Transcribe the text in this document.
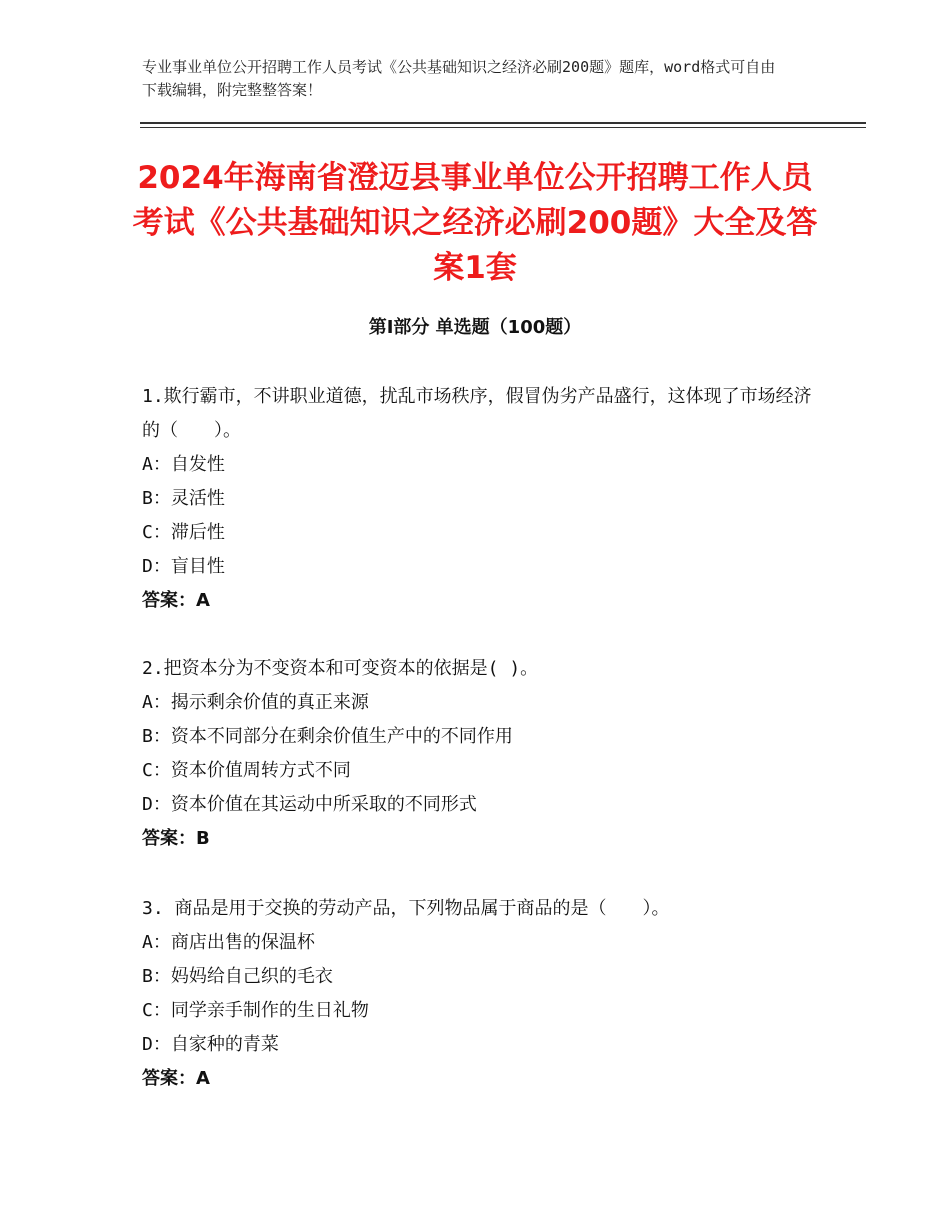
专业事业单位公开招聘工作人员考试《公共基础知识之经济必刷200题》题库，word格式可自由下载编辑，附完整整答案！
2024年海南省澄迈县事业单位公开招聘工作人员考试《公共基础知识之经济必刷200题》大全及答案1套
第Ⅰ部分 单选题（100题）

1.欺行霸市，不讲职业道德，扰乱市场秩序，假冒伪劣产品盛行，这体现了市场经济的（　　）。

A：自发性

B：灵活性

C：滞后性

D：盲目性

答案：A

2.把资本分为不变资本和可变资本的依据是( )。

A：揭示剩余价值的真正来源

B：资本不同部分在剩余价值生产中的不同作用

C：资本价值周转方式不同

D：资本价值在其运动中所采取的不同形式

答案：B

3. 商品是用于交换的劳动产品，下列物品属于商品的是（　　）。

A：商店出售的保温杯

B：妈妈给自己织的毛衣

C：同学亲手制作的生日礼物

D：自家种的青菜

答案：A
